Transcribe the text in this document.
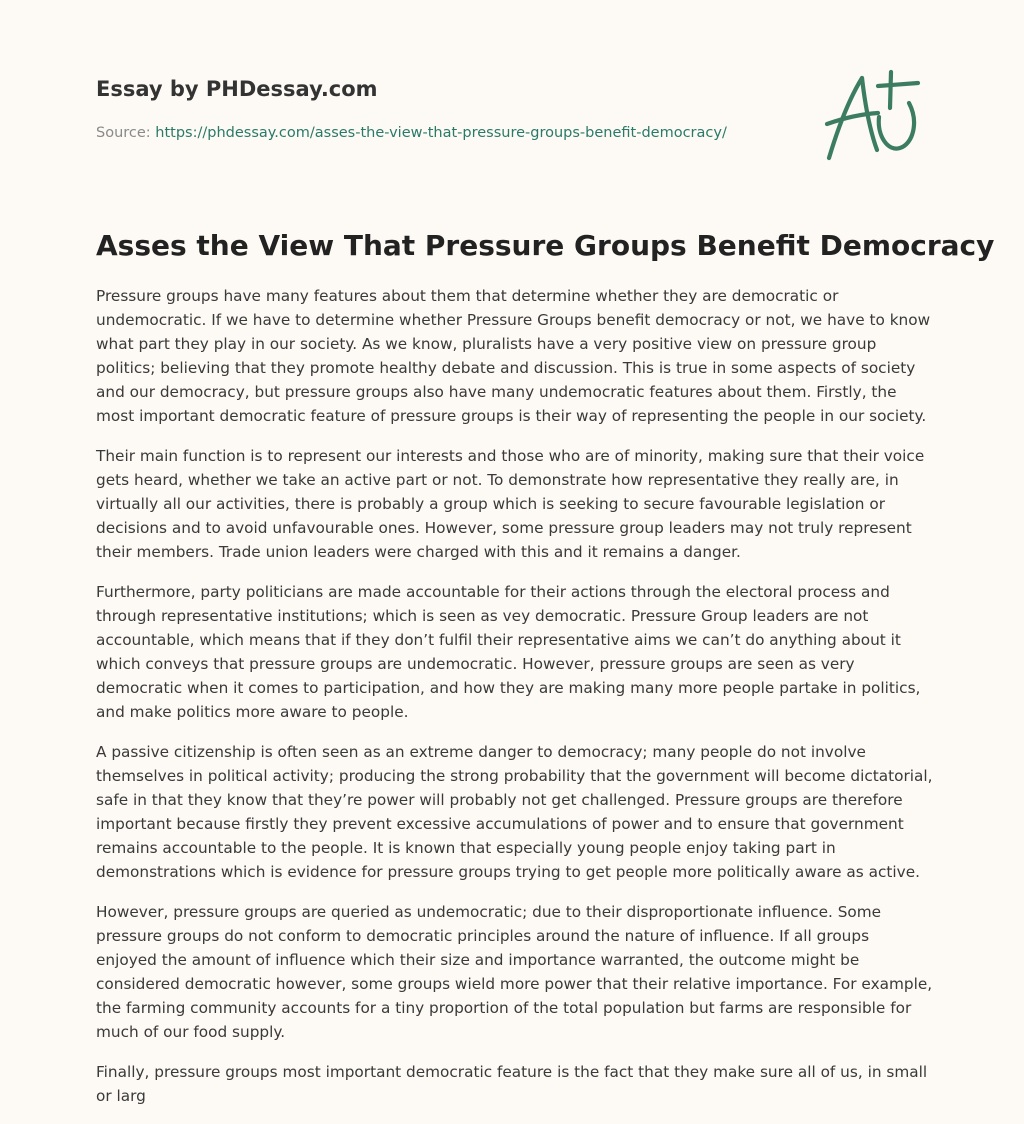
Essay by PHDessay.com
Source: https://phdessay.com/asses-the-view-that-pressure-groups-benefit-democracy/
Asses the View That Pressure Groups Benefit Democracy

Pressure groups have many features about them that determine whether they are democratic or undemocratic. If we have to determine whether Pressure Groups benefit democracy or not, we have to know what part they play in our society. As we know, pluralists have a very positive view on pressure group politics; believing that they promote healthy debate and discussion. This is true in some aspects of society and our democracy, but pressure groups also have many undemocratic features about them. Firstly, the most important democratic feature of pressure groups is their way of representing the people in our society.

Their main function is to represent our interests and those who are of minority, making sure that their voice gets heard, whether we take an active part or not. To demonstrate how representative they really are, in virtually all our activities, there is probably a group which is seeking to secure favourable legislation or decisions and to avoid unfavourable ones. However, some pressure group leaders may not truly represent their members. Trade union leaders were charged with this and it remains a danger.

Furthermore, party politicians are made accountable for their actions through the electoral process and through representative institutions; which is seen as vey democratic. Pressure Group leaders are not accountable, which means that if they don’t fulfil their representative aims we can’t do anything about it which conveys that pressure groups are undemocratic. However, pressure groups are seen as very democratic when it comes to participation, and how they are making many more people partake in politics, and make politics more aware to people.

A passive citizenship is often seen as an extreme danger to democracy; many people do not involve themselves in political activity; producing the strong probability that the government will become dictatorial, safe in that they know that they’re power will probably not get challenged. Pressure groups are therefore important because firstly they prevent excessive accumulations of power and to ensure that government remains accountable to the people. It is known that especially young people enjoy taking part in demonstrations which is evidence for pressure groups trying to get people more politically aware as active.

However, pressure groups are queried as undemocratic; due to their disproportionate influence. Some pressure groups do not conform to democratic principles around the nature of influence. If all groups enjoyed the amount of influence which their size and importance warranted, the outcome might be considered democratic however, some groups wield more power that their relative importance. For example, the farming community accounts for a tiny proportion of the total population but farms are responsible for much of our food supply.

Finally, pressure groups most important democratic feature is the fact that they make sure all of us, in small or larg
